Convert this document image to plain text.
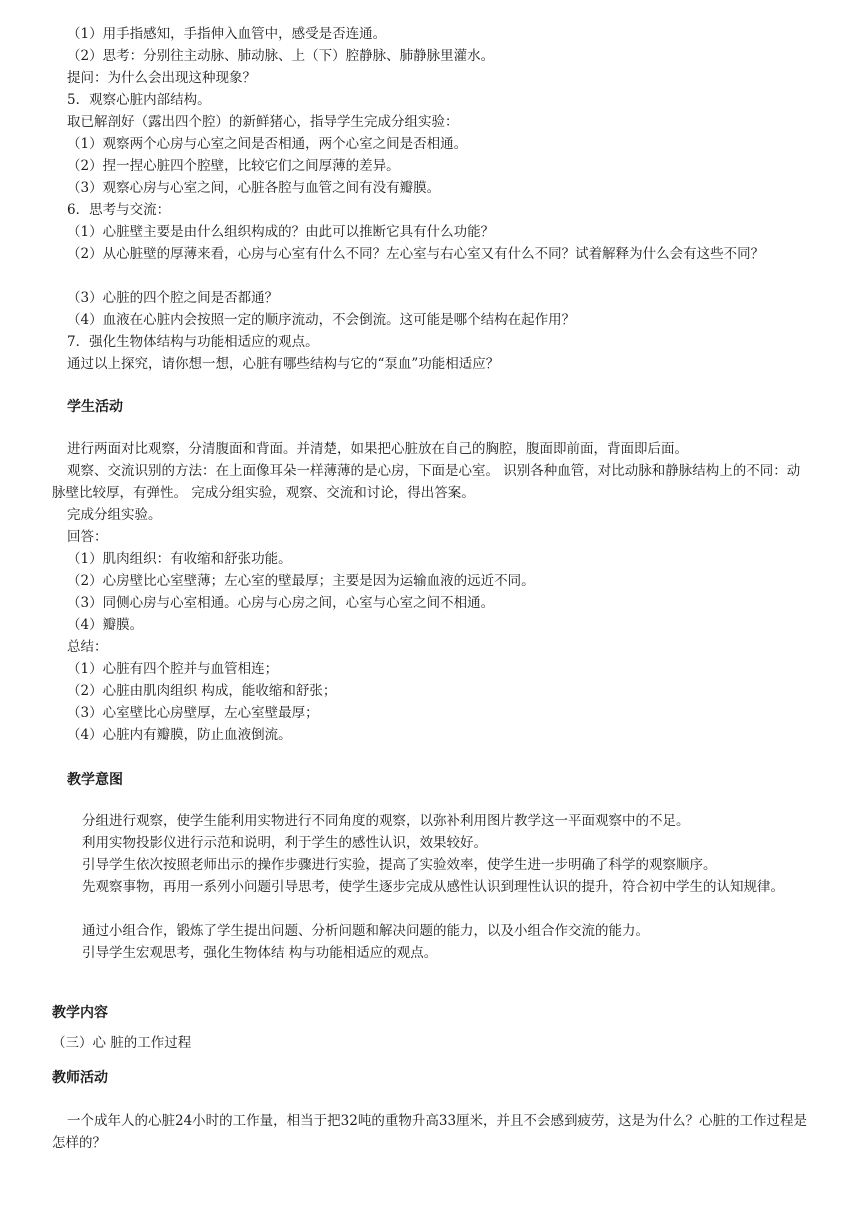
（1）用手指感知，手指伸入血管中，感受是否连通。
（2）思考：分别往主动脉、肺动脉、上（下）腔静脉、肺静脉里灌水。
提问：为什么会出现这种现象？
5．观察心脏内部结构。
取已解剖好（露出四个腔）的新鲜猪心，指导学生完成分组实验：
（1）观察两个心房与心室之间是否相通，两个心室之间是否相通。
（2）捏一捏心脏四个腔壁，比较它们之间厚薄的差异。
（3）观察心房与心室之间，心脏各腔与血管之间有没有瓣膜。
6．思考与交流：
（1）心脏壁主要是由什么组织构成的？由此可以推断它具有什么功能？
（2）从心脏壁的厚薄来看，心房与心室有什么不同？左心室与右心室又有什么不同？试着解释为什么会有这些不同？
（3）心脏的四个腔之间是否都通？
（4）血液在心脏内会按照一定的顺序流动，不会倒流。这可能是哪个结构在起作用？
7．强化生物体结构与功能相适应的观点。
通过以上探究，请你想一想，心脏有哪些结构与它的“泵血”功能相适应？
学生活动
进行两面对比观察，分清腹面和背面。并清楚，如果把心脏放在自己的胸腔，腹面即前面，背面即后面。
观察、交流识别的方法：在上面像耳朵一样薄薄的是心房，下面是心室。 识别各种血管，对比动脉和静脉结构上的不同：动脉壁比较厚，有弹性。 完成分组实验，观察、交流和讨论，得出答案。
完成分组实验。
回答：
（1）肌肉组织：有收缩和舒张功能。
（2）心房壁比心室壁薄；左心室的壁最厚；主要是因为运输血液的远近不同。
（3）同侧心房与心室相通。心房与心房之间，心室与心室之间不相通。
（4）瓣膜。
总结：
（1）心脏有四个腔并与血管相连；
（2）心脏由肌肉组织 构成，能收缩和舒张；
（3）心室壁比心房壁厚，左心室壁最厚；
（4）心脏内有瓣膜，防止血液倒流。
教学意图
分组进行观察，使学生能利用实物进行不同角度的观察，以弥补利用图片教学这一平面观察中的不足。
利用实物投影仪进行示范和说明，利于学生的感性认识，效果较好。
引导学生依次按照老师出示的操作步骤进行实验，提高了实验效率，使学生进一步明确了科学的观察顺序。
先观察事物，再用一系列小问题引导思考，使学生逐步完成从感性认识到理性认识的提升，符合初中学生的认知规律。
通过小组合作，锻炼了学生提出问题、分析问题和解决问题的能力，以及小组合作交流的能力。
引导学生宏观思考，强化生物体结 构与功能相适应的观点。
教学内容
（三）心 脏的工作过程
教师活动
一个成年人的心脏24小时的工作量，相当于把32吨的重物升高33厘米，并且不会感到疲劳，这是为什么？心脏的工作过程是怎样的？
